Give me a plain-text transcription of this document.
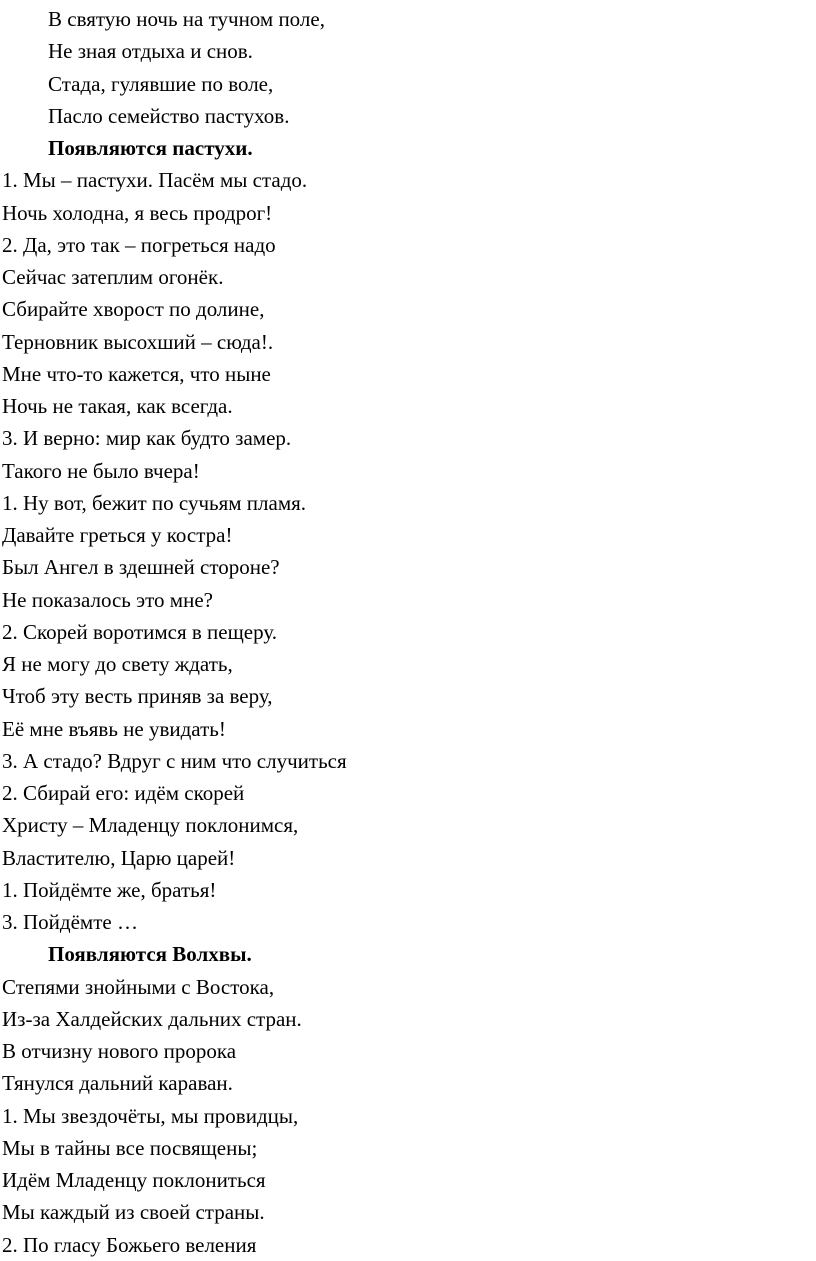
В святую ночь на тучном поле,
Не зная отдыха и снов.
Стада, гулявшие по воле,
Пасло семейство пастухов.
Появляются пастухи.
1. Мы – пастухи. Пасём мы стадо.
Ночь холодна, я весь продрог!
2. Да, это так – погреться надо
Сейчас затеплим огонёк.
Сбирайте хворост по долине,
Терновник высохший – сюда!.
Мне что-то кажется, что ныне
Ночь не такая, как всегда.
3. И верно: мир как будто замер.
Такого не было вчера!
1. Ну вот, бежит по сучьям пламя.
Давайте греться у костра!
Был Ангел в здешней стороне?
Не показалось это мне?
2. Скорей воротимся в пещеру.
Я не могу до свету ждать,
Чтоб эту весть приняв за веру,
Её мне въявь не увидать!
3. А стадо? Вдруг с ним что случиться
2. Сбирай его: идём скорей
Христу – Младенцу поклонимся,
Властителю, Царю царей!
1. Пойдёмте же, братья!
3. Пойдёмте …
Появляются Волхвы.
Степями знойными с Востока,
Из-за Халдейских дальних стран.
В отчизну нового пророка
Тянулся дальний караван.
1. Мы звездочёты, мы провидцы,
Мы в тайны все посвящены;
Идём Младенцу поклониться
Мы каждый из своей страны.
2. По гласу Божьего веления
